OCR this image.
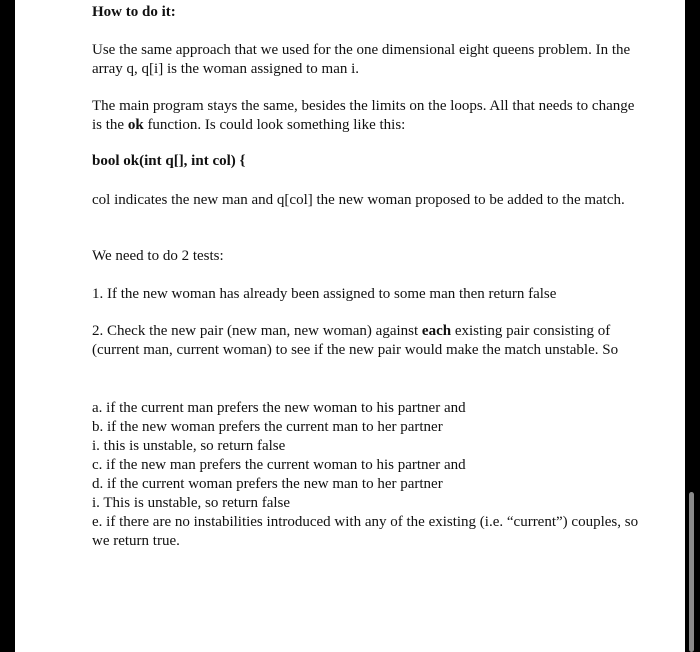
How to do it:

Use the same approach that we used for the one dimensional eight queens problem. In the array q, q[i] is the woman assigned to man i.

The main program stays the same, besides the limits on the loops. All that needs to change is the ok function. Is could look something like this:

bool ok(int q[], int col) {

col indicates the new man and q[col] the new woman proposed to be added to the match.

We need to do 2 tests:

1. If the new woman has already been assigned to some man then return false

2. Check the new pair (new man, new woman) against each existing pair consisting of (current man, current woman) to see if the new pair would make the match unstable. So

a. if the current man prefers the new woman to his partner and
b. if the new woman prefers the current man to her partner
i. this is unstable, so return false
c. if the new man prefers the current woman to his partner and
d. if the current woman prefers the new man to her partner
i. This is unstable, so return false
e. if there are no instabilities introduced with any of the existing (i.e. “current”) couples, so we return true.
